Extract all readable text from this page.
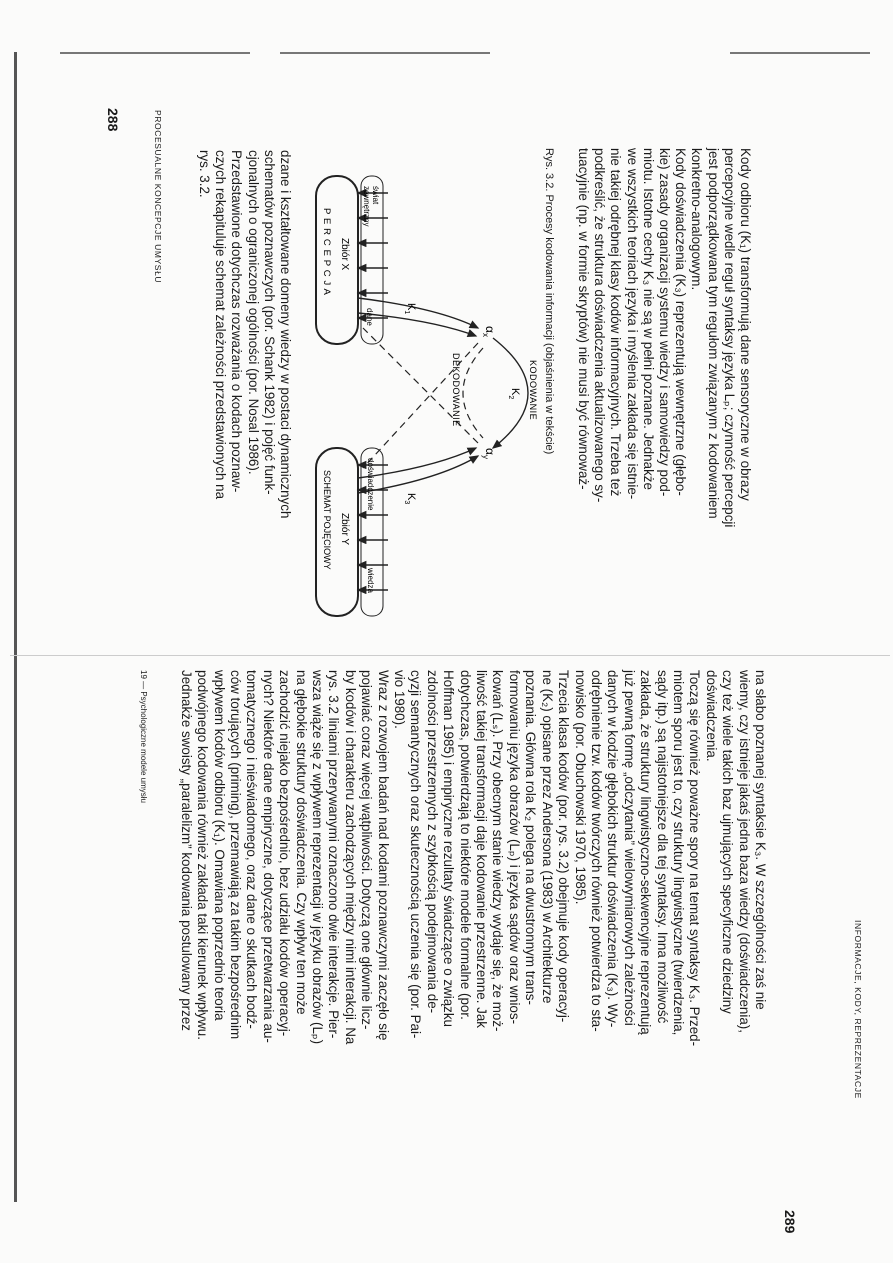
PROCESUALNE KONCEPCJE UMYSŁU
288

dzane i kształtowane domeny wiedzy w postaci dynamicznych

schematów poznawczych (por. Schank 1982) i pojęć funk-

cjonalnych o ograniczonej ogólności (por. Nosal 1986).

Przedstawione dotychczas rozważania o kodach poznaw-

czych rekapituluje schemat zależności przedstawionych na

rys. 3.2.

$\alpha_x$
$\alpha_y$
$K_1$
$K_3$
$K_2$	KODOWANIE
DEKODOWANIE
Zbiór X
P E R C E P C J A
Zbiór Y
SCHEMAT POJĘCIOWY
świat
zewnętrzny
dane
doświadczenie
wiedza
Rys. 3.2. Procesy kodowania informacji (objaśnienia w tekście)	Kody odbioru (K₁) transformują dane sensoryczne w obrazy

percepcyjne wedle reguł syntaksy języka Lₚ; czynność percepcji

jest podporządkowana tym regułom związanym z kodowaniem

konkretno-analogowym.

Kody doświadczenia (K₃) reprezentują wewnętrzne (głębo-

kie) zasady organizacji systemu wiedzy i samowiedzy pod-

miotu. Istotne cechy K₃ nie są w pełni poznane. Jednakże

we wszystkich teoriach języka i myślenia zakłada się istnie-

nie takiej odrębnej klasy kodów informacyjnych. Trzeba też

podkreślić, że struktura doświadczenia aktualizowanego sy-

tuacyjnie (np. w formie skryptów) nie musi być równoważ-

INFORMACJE, KODY, REPREZENTACJE
289

na słabo poznanej syntaksie K₃. W szczególności zaś nie

wiemy, czy istnieje jakaś jedna baza wiedzy (doświadczenia),

czy też wiele takich baz ujmujących specyficzne dziedziny

doświadczenia.

Toczą się również poważne spory na temat syntaksy K₃. Przed-

miotem sporu jest to, czy struktury lingwistyczne (twierdzenia,

sądy itp.) są najistotniejsze dla tej syntaksy. Inna możliwość

zakłada, że struktury lingwistyczno-sekwencyjne reprezentują

już pewną formę „odczytania” wielowymiarowych zależności

danych w kodzie głębokich struktur doświadczenia (K₃). Wy-

odrębnienie tzw. kodów twórczych również potwierdza to sta-

nowisko (por. Obuchowski 1970, 1985).

Trzecia klasa kodów (por. rys. 3.2) obejmuje kody operacyj-

ne (K₂) opisane przez Andersona (1983) w Architekturze

poznania. Główna rola K₂ polega na dwustronnym trans-

formowaniu języka obrazów (Lₚ) i języka sądów oraz wnios-

kowań (Lₛ). Przy obecnym stanie wiedzy wydaje się, że moż-

liwość takiej transformacji daje kodowanie przestrzenne. Jak

dotychczas, potwierdzają to niektóre modele formalne (por.

Hoffman 1985) i empiryczne rezultaty świadczące o związku

zdolności przestrzennych z szybkością podejmowania de-

cyzji semantycznych oraz skutecznością uczenia się (por. Pai-

vio 1980).

Wraz z rozwojem badań nad kodami poznawczymi zaczęło się

pojawiać coraz więcej wątpliwości. Dotyczą one głównie licz-

by kodów i charakteru zachodzących między nimi interakcji. Na

rys. 3.2 liniami przerywanymi oznaczono dwie interakcje. Pier-

wsza wiąże się z wpływem reprezentacji w języku obrazów (Lₚ)

na głębokie struktury doświadczenia. Czy wpływ ten może

zachodzić niejako bezpośrednio, bez udziału kodów operacyj-

nych? Niektóre dane empiryczne, dotyczące przetwarzania au-

tomatycznego i nieświadomego, oraz dane o skutkach bodź-

ców torujących (priming), przemawiają za takim bezpośrednim

wpływem kodów odbioru (K₁). Omawiana poprzednio teoria

podwójnego kodowania również zakłada taki kierunek wpływu.

Jednakże swoisty „paralelizm” kodowania postulowany przez

19 — Psychologiczne modele umysłu
